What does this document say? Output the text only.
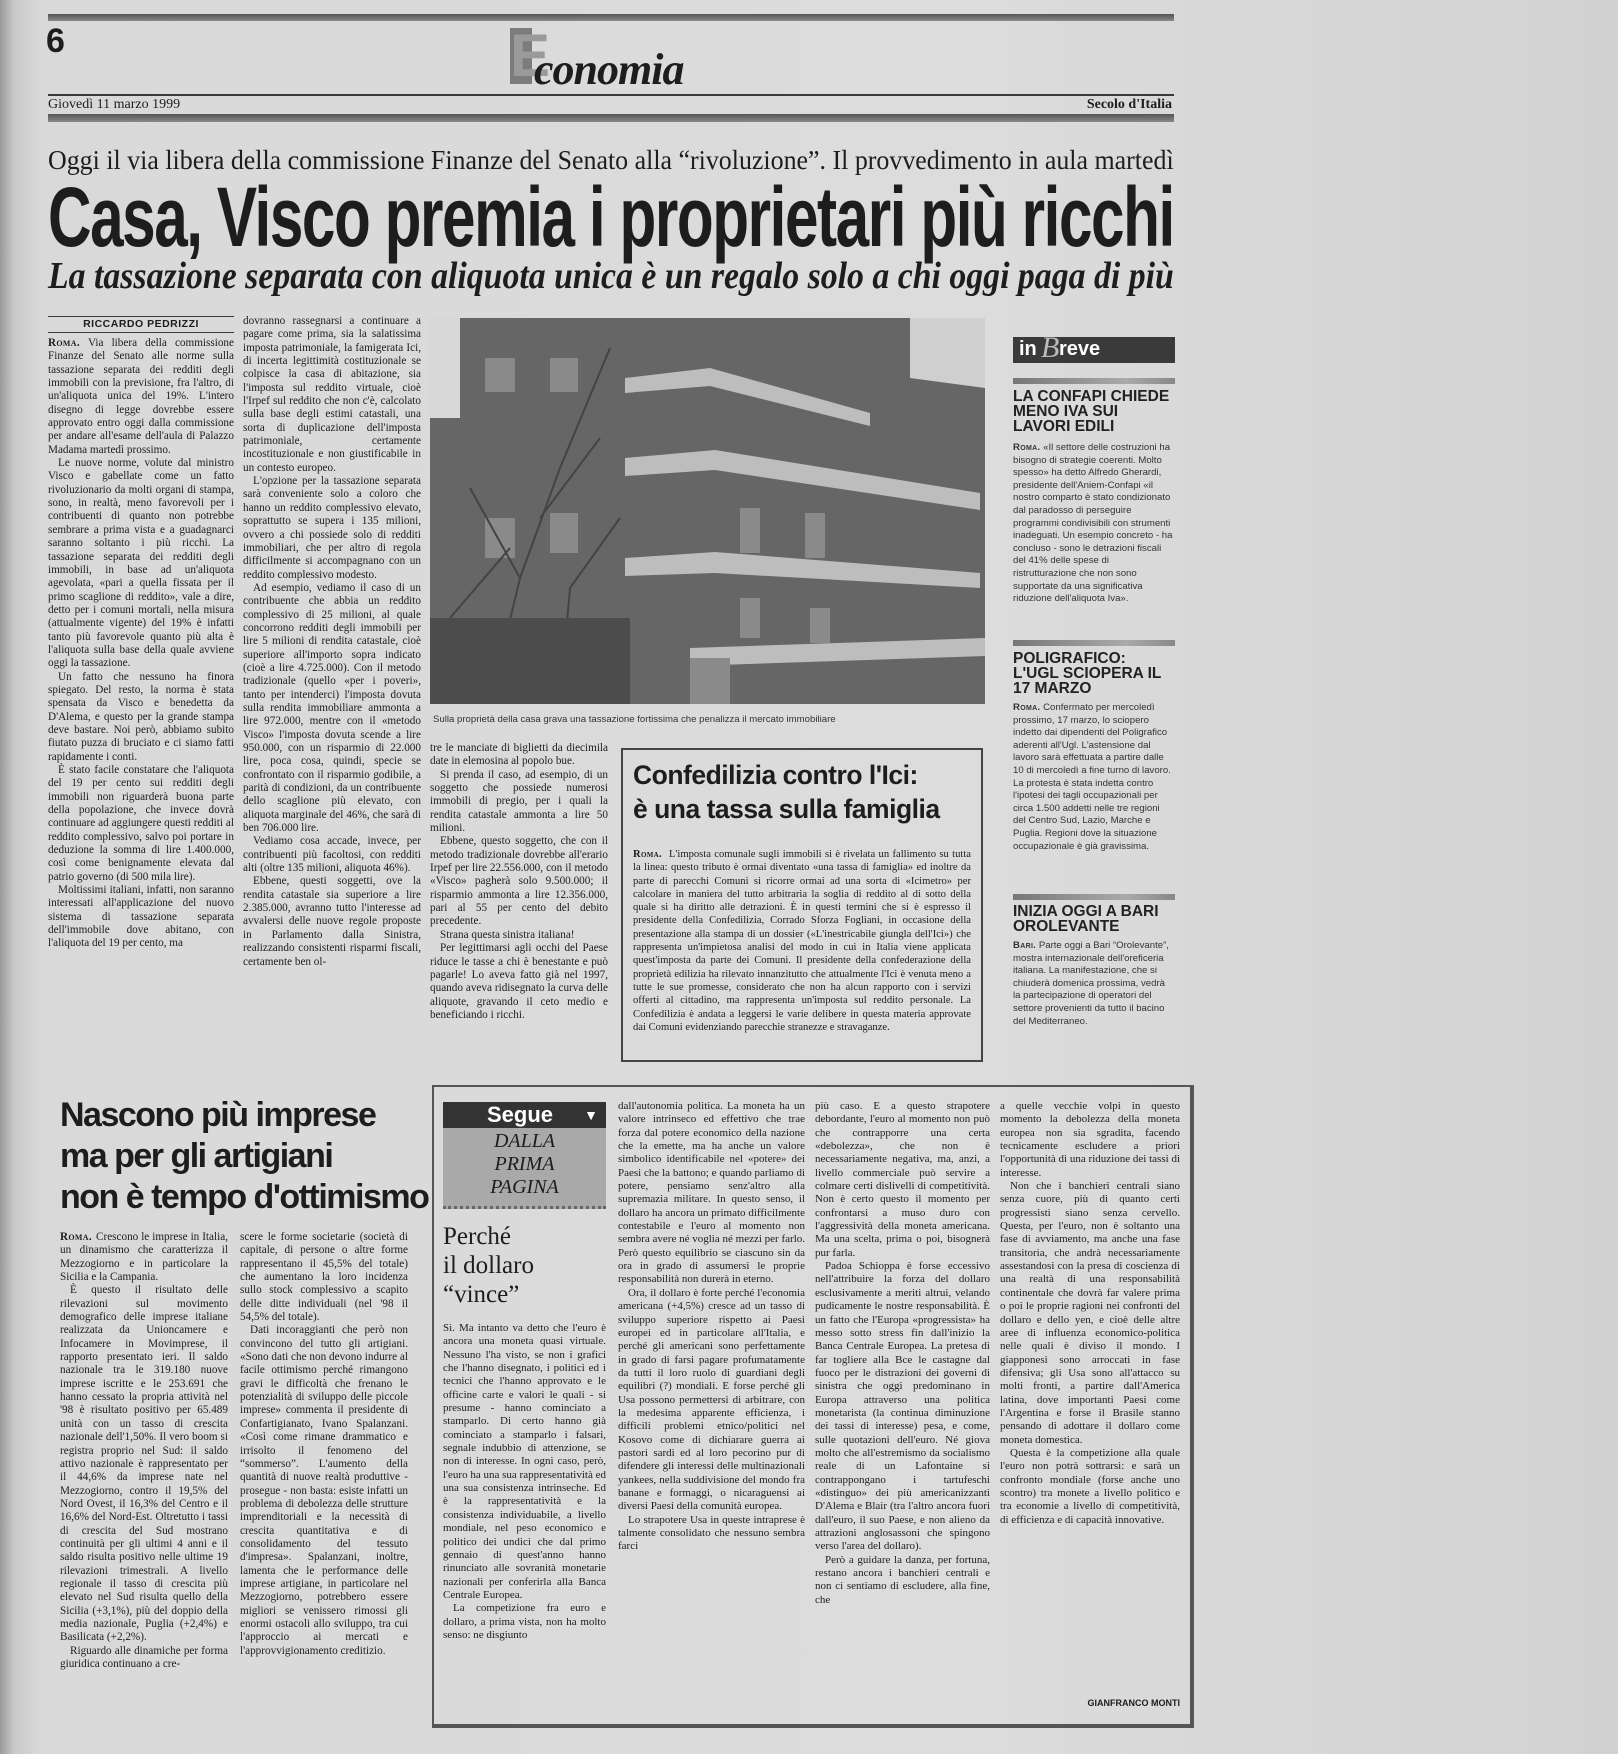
6	E
conomia
Giovedì 11 marzo 1999	Secolo d'Italia
Oggi il via libera della commissione Finanze del Senato alla “rivoluzione”. Il provvedimento in aula martedì
Casa, Visco premia i proprietari più ricchi
La tassazione separata con aliquota unica è un regalo solo a chi oggi paga di più
RICCARDO PEDRIZZI
Roma. Via libera della commissione Finanze del Senato alle norme sulla tassazione separata dei redditi degli immobili con la previsione, fra l'altro, di un'aliquota unica del 19%. L'intero disegno di legge dovrebbe essere approvato entro oggi dalla commissione per andare all'esame dell'aula di Palazzo Madama martedì prossimo.

Le nuove norme, volute dal ministro Visco e gabellate come un fatto rivoluzionario da molti organi di stampa, sono, in realtà, meno favorevoli per i contribuenti di quanto non potrebbe sembrare a prima vista e a guadagnarci saranno soltanto i più ricchi. La tassazione separata dei redditi degli immobili, in base ad un'aliquota agevolata, «pari a quella fissata per il primo scaglione di reddito», vale a dire, detto per i comuni mortali, nella misura (attualmente vigente) del 19% è infatti tanto più favorevole quanto più alta è l'aliquota sulla base della quale avviene oggi la tassazione.

Un fatto che nessuno ha finora spiegato. Del resto, la norma è stata spensata da Visco e benedetta da D'Alema, e questo per la grande stampa deve bastare. Noi però, abbiamo subito fiutato puzza di bruciato e ci siamo fatti rapidamente i conti.

È stato facile constatare che l'aliquota del 19 per cento sui redditi degli immobili non riguarderà buona parte della popolazione, che invece dovrà continuare ad aggiungere questi redditi al reddito complessivo, salvo poi portare in deduzione la somma di lire 1.400.000, così come benignamente elevata dal patrio governo (di 500 mila lire).

Moltissimi italiani, infatti, non saranno interessati all'applicazione del nuovo sistema di tassazione separata dell'immobile dove abitano, con l'aliquota del 19 per cento, ma

dovranno rassegnarsi a continuare a pagare come prima, sia la salatissima imposta patrimoniale, la famigerata Ici, di incerta legittimità costituzionale se colpisce la casa di abitazione, sia l'imposta sul reddito virtuale, cioè l'Irpef sul reddito che non c'è, calcolato sulla base degli estimi catastali, una sorta di duplicazione dell'imposta patrimoniale, certamente incostituzionale e non giustificabile in un contesto europeo.

L'opzione per la tassazione separata sarà conveniente solo a coloro che hanno un reddito complessivo elevato, soprattutto se supera i 135 milioni, ovvero a chi possiede solo di redditi immobiliari, che per altro di regola difficilmente si accompagnano con un reddito complessivo modesto.

Ad esempio, vediamo il caso di un contribuente che abbia un reddito complessivo di 25 milioni, al quale concorrono redditi degli immobili per lire 5 milioni di rendita catastale, cioè superiore all'importo sopra indicato (cioè a lire 4.725.000). Con il metodo tradizionale (quello «per i poveri», tanto per intenderci) l'imposta dovuta sulla rendita immobiliare ammonta a lire 972.000, mentre con il «metodo Visco» l'imposta dovuta scende a lire 950.000, con un risparmio di 22.000 lire, poca cosa, quindi, specie se confrontato con il risparmio godibile, a parità di condizioni, da un contribuente dello scaglione più elevato, con aliquota marginale del 46%, che sarà di ben 706.000 lire.

Vediamo cosa accade, invece, per contribuenti più facoltosi, con redditi alti (oltre 135 milioni, aliquota 46%).

Ebbene, questi soggetti, ove la rendita catastale sia superiore a lire 2.385.000, avranno tutto l'interesse ad avvalersi delle nuove regole proposte in Parlamento dalla Sinistra, realizzando consistenti risparmi fiscali, certamente ben ol-

Sulla proprietà della casa grava una tassazione fortissima che penalizza il mercato immobiliare

tre le manciate di biglietti da diecimila date in elemosina al popolo bue.

Si prenda il caso, ad esempio, di un soggetto che possiede numerosi immobili di pregio, per i quali la rendita catastale ammonta a lire 50 milioni.

Ebbene, questo soggetto, che con il metodo tradizionale dovrebbe all'erario Irpef per lire 22.556.000, con il metodo «Visco» pagherà solo 9.500.000; il risparmio ammonta a lire 12.356.000, pari al 55 per cento del debito precedente.

Strana questa sinistra italiana!

Per legittimarsi agli occhi del Paese riduce le tasse a chi è benestante e può pagarle! Lo aveva fatto già nel 1997, quando aveva ridisegnato la curva delle aliquote, gravando il ceto medio e beneficiando i ricchi.

Confedilizia contro l'Ici:
è una tassa sulla famiglia
Roma. L'imposta comunale sugli immobili si è rivelata un fallimento su tutta la linea: questo tributo è ormai diventato «una tassa di famiglia» ed inoltre da parte di parecchi Comuni si ricorre ormai ad una sorta di «Icimetro» per calcolare in maniera del tutto arbitraria la soglia di reddito al di sotto della quale si ha diritto alle detrazioni. È in questi termini che si è espresso il presidente della Confedilizia, Corrado Sforza Fogliani, in occasione della presentazione alla stampa di un dossier («L'inestricabile giungla dell'Ici») che rappresenta un'impietosa analisi del modo in cui in Italia viene applicata quest'imposta da parte dei Comuni. Il presidente della confederazione della proprietà edilizia ha rilevato innanzitutto che attualmente l'Ici è venuta meno a tutte le sue promesse, considerato che non ha alcun rapporto con i servizi offerti al cittadino, ma rappresenta un'imposta sul reddito personale. La Confedilizia è andata a leggersi le varie delibere in questa materia approvate dai Comuni evidenziando parecchie stranezze e stravaganze.

in B reve
LA CONFAPI CHIEDE MENO IVA SUI LAVORI EDILI
Roma. «Il settore delle costruzioni ha bisogno di strategie coerenti. Molto spesso» ha detto Alfredo Gherardi, presidente dell'Aniem-Confapi «il nostro comparto è stato condizionato dal paradosso di perseguire programmi condivisibili con strumenti inadeguati. Un esempio concreto - ha concluso - sono le detrazioni fiscali del 41% delle spese di ristrutturazione che non sono supportate da una significativa riduzione dell'aliquota Iva».
POLIGRAFICO: L'UGL SCIOPERA IL 17 MARZO
Roma. Confermato per mercoledì prossimo, 17 marzo, lo sciopero indetto dai dipendenti del Poligrafico aderenti all'Ugl. L'astensione dal lavoro sarà effettuata a partire dalle 10 di mercoledì a fine turno di lavoro. La protesta è stata indetta contro l'ipotesi dei tagli occupazionali per circa 1.500 addetti nelle tre regioni del Centro Sud, Lazio, Marche e Puglia. Regioni dove la situazione occupazionale è già gravissima.
INIZIA OGGI A BARI OROLEVANTE
Bari. Parte oggi a Bari “Orolevante”, mostra internazionale dell'oreficeria italiana. La manifestazione, che si chiuderà domenica prossima, vedrà la partecipazione di operatori del settore provenienti da tutto il bacino del Mediterraneo.
Nascono più imprese
ma per gli artigiani
non è tempo d'ottimismo
Roma. Crescono le imprese in Italia, un dinamismo che caratterizza il Mezzogiorno e in particolare la Sicilia e la Campania.

È questo il risultato delle rilevazioni sul movimento demografico delle imprese italiane realizzata da Unioncamere e Infocamere in Movimprese, il rapporto presentato ieri. Il saldo nazionale tra le 319.180 nuove imprese iscritte e le 253.691 che hanno cessato la propria attività nel '98 è risultato positivo per 65.489 unità con un tasso di crescita nazionale dell'1,50%. Il vero boom si registra proprio nel Sud: il saldo attivo nazionale è rappresentato per il 44,6% da imprese nate nel Mezzogiorno, contro il 19,5% del Nord Ovest, il 16,3% del Centro e il 16,6% del Nord-Est. Oltretutto i tassi di crescita del Sud mostrano continuità per gli ultimi 4 anni e il saldo risulta positivo nelle ultime 19 rilevazioni trimestrali. A livello regionale il tasso di crescita più elevato nel Sud risulta quello della Sicilia (+3,1%), più del doppio della media nazionale, Puglia (+2,4%) e Basilicata (+2,2%).

Riguardo alle dinamiche per forma giuridica continuano a cre-

scere le forme societarie (società di capitale, di persone o altre forme rappresentano il 45,5% del totale) che aumentano la loro incidenza sullo stock complessivo a scapito delle ditte individuali (nel '98 il 54,5% del totale).

Dati incoraggianti che però non convincono del tutto gli artigiani. «Sono dati che non devono indurre al facile ottimismo perché rimangono gravi le difficoltà che frenano le potenzialità di sviluppo delle piccole imprese» commenta il presidente di Confartigianato, Ivano Spalanzani. «Così come rimane drammatico e irrisolto il fenomeno del “sommerso”. L'aumento della quantità di nuove realtà produttive - prosegue - non basta: esiste infatti un problema di debolezza delle strutture imprenditoriali e la necessità di crescita quantitativa e di consolidamento del tessuto d'impresa». Spalanzani, inoltre, lamenta che le performance delle imprese artigiane, in particolare nel Mezzogiorno, potrebbero essere migliori se venissero rimossi gli enormi ostacoli allo sviluppo, tra cui l'approccio ai mercati e l'approvvigionamento creditizio.

Segue ▼
DALLA
PRIMA
PAGINA
Perché
il dollaro
“vince”

Sì. Ma intanto va detto che l'euro è ancora una moneta quasi virtuale. Nessuno l'ha visto, se non i grafici che l'hanno disegnato, i politici ed i tecnici che l'hanno approvato e le officine carte e valori le quali - si presume - hanno cominciato a stamparlo. Di certo hanno già cominciato a stamparlo i falsari, segnale indubbio di attenzione, se non di interesse. In ogni caso, però, l'euro ha una sua rappresentatività ed una sua consistenza intrinseche. Ed è la rappresentatività e la consistenza individuabile, a livello mondiale, nel peso economico e politico dei undici che dal primo gennaio di quest'anno hanno rinunciato alle sovranità monetarie nazionali per conferirla alla Banca Centrale Europea.

La competizione fra euro e dollaro, a prima vista, non ha molto senso: ne disgiunto

dall'autonomia politica. La moneta ha un valore intrinseco ed effettivo che trae forza dal potere economico della nazione che la emette, ma ha anche un valore simbolico identificabile nel «potere» dei Paesi che la battono; e quando parliamo di potere, pensiamo senz'altro alla supremazia militare. In questo senso, il dollaro ha ancora un primato difficilmente contestabile e l'euro al momento non sembra avere né voglia né mezzi per farlo. Però questo equilibrio se ciascuno sin da ora in grado di assumersi le proprie responsabilità non durerà in eterno.

Ora, il dollaro è forte perché l'economia americana (+4,5%) cresce ad un tasso di sviluppo superiore rispetto ai Paesi europei ed in particolare all'Italia, e perché gli americani sono perfettamente in grado di farsi pagare profumatamente da tutti il loro ruolo di guardiani degli equilibri (?) mondiali. E forse perché gli Usa possono permettersi di arbitrare, con la medesima apparente efficienza, i difficili problemi etnico/politici nel Kosovo come di dichiarare guerra ai pastori sardi ed al loro pecorino pur di difendere gli interessi delle multinazionali yankees, nella suddivisione del mondo fra banane e formaggi, o nicaraguensi ai diversi Paesi della comunità europea.

Lo strapotere Usa in queste intraprese è talmente consolidato che nessuno sembra farci

più caso. E a questo strapotere debordante, l'euro al momento non può che contrapporre una certa «debolezza», che non è necessariamente negativa, ma, anzi, a livello commerciale può servire a colmare certi dislivelli di competitività. Non è certo questo il momento per confrontarsi a muso duro con l'aggressività della moneta americana. Ma una scelta, prima o poi, bisognerà pur farla.

Padoa Schioppa è forse eccessivo nell'attribuire la forza del dollaro esclusivamente a meriti altrui, velando pudicamente le nostre responsabilità. È un fatto che l'Europa «progressista» ha messo sotto stress fin dall'inizio la Banca Centrale Europea. La pretesa di far togliere alla Bce le castagne dal fuoco per le distrazioni dei governi di sinistra che oggi predominano in Europa attraverso una politica monetarista (la continua diminuzione dei tassi di interesse) pesa, e come, sulle quotazioni dell'euro. Né giova molto che all'estremismo da socialismo reale di un Lafontaine si contrappongano i tartufeschi «distinguo» dei più americanizzanti D'Alema e Blair (tra l'altro ancora fuori dall'euro, il suo Paese, e non alieno da attrazioni anglosassoni che spingono verso l'area del dollaro).

Però a guidare la danza, per fortuna, restano ancora i banchieri centrali e non ci sentiamo di escludere, alla fine, che

a quelle vecchie volpi in questo momento la debolezza della moneta europea non sia sgradita, facendo tecnicamente escludere a priori l'opportunità di una riduzione dei tassi di interesse.

Non che i banchieri centrali siano senza cuore, più di quanto certi progressisti siano senza cervello. Questa, per l'euro, non è soltanto una fase di avviamento, ma anche una fase transitoria, che andrà necessariamente assestandosi con la presa di coscienza di una realtà di una responsabilità continentale che dovrà far valere prima o poi le proprie ragioni nei confronti del dollaro e dello yen, e cioè delle altre aree di influenza economico-politica nelle quali è diviso il mondo. I giapponesi sono arroccati in fase difensiva; gli Usa sono all'attacco su molti fronti, a partire dall'America latina, dove importanti Paesi come l'Argentina e forse il Brasile stanno pensando di adottare il dollaro come moneta domestica.

Questa è la competizione alla quale l'euro non potrà sottrarsi: e sarà un confronto mondiale (forse anche uno scontro) tra monete a livello politico e tra economie a livello di competitività, di efficienza e di capacità innovative.

GIANFRANCO MONTI
